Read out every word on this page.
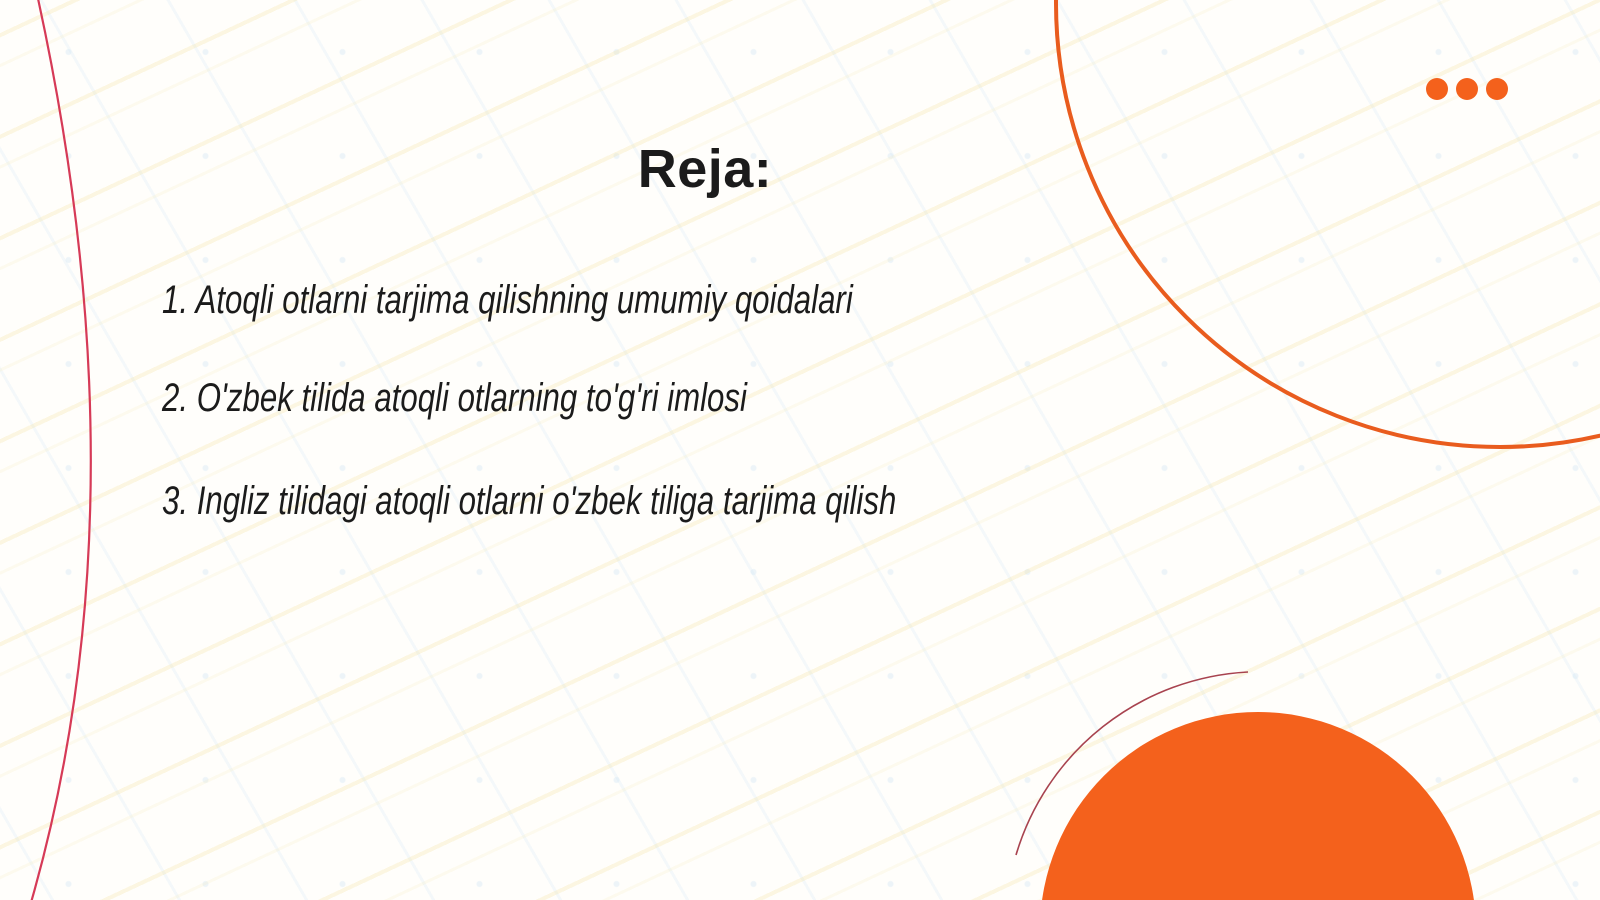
Reja:
1. Atoqli otlarni tarjima qilishning umumiy qoidalari
2. O'zbek tilida atoqli otlarning to'g'ri imlosi
3. Ingliz tilidagi atoqli otlarni o'zbek tiliga tarjima qilish
